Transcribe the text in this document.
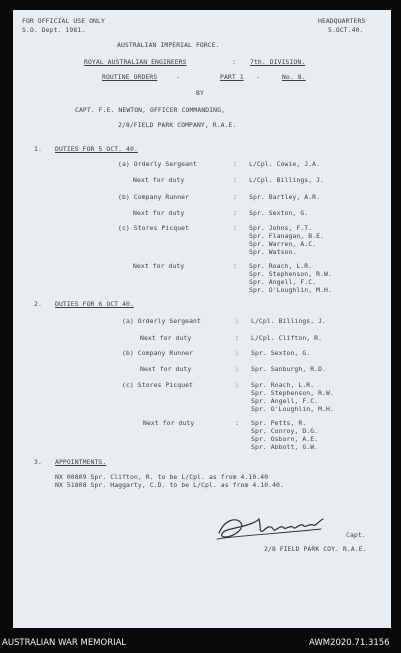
FOR OFFICIAL USE ONLY
S.O. Dept. 1981.
HEADQUARTERS
5.OCT.40.
AUSTRALIAN IMPERIAL FORCE.
ROYAL AUSTRALIAN ENGINEERS	: 7th. DIVISION.
ROUTINE ORDERS	-	PART 1 -	No. 8.
BY
CAPT. F.E. NEWTON, OFFICER COMMANDING,
2/8/FIELD PARK COMPANY, R.A.E.
1. DUTIES FOR 5 OCT. 40.
(a) Orderly Sergeant	: L/Cpl. Cowie, J.A.
Next for duty	: L/Cpl. Billings, J.
(b) Company Runner	: Spr. Bartley, A.R.
Next for duty	: Spr. Sexton, G.
(c) Stores Picquet	: Spr. Johns, F.T.
Spr. Flanagan, B.E.
Spr. Warren, A.C.
Spr. Watson.
Next for duty	: Spr. Roach, L.R.
Spr. Stephenson, R.W.
Spr. Angell, F.C.
Spr. O'Loughlin, M.H.
2. DUTIES FOR 6 OCT 40.
(a) Orderly Sergeant	: L/Cpl. Billings, J.
Next for duty	: L/Cpl. Clifton, R.
(b) Company Runner	: Spr. Sexton, G.
Next for duty	: Spr. Sanburgh, R.D.
(c) Stores Picquet	: Spr. Roach, L.R.
Spr. Stephenson, R.W.
Spr. Angell, F.C.
Spr. O'Loughlin, M.H.
Next for duty	: Spr. Petts, R.
Spr. Conroy, D.G.
Spr. Osborn, A.E.
Spr. Abbott, G.W.
3. APPOINTMENTS.
NX 00809 Spr. Clifton, R. to be L/Cpl. as from 4.10.40
NX 51808 Spr. Haggarty, C.D. to be L/Cpl. as from 4.10.40.
Capt.
2/8 FIELD PARK COY. R.A.E.
AUSTRALIAN WAR MEMORIAL	AWM2020.71.3156
